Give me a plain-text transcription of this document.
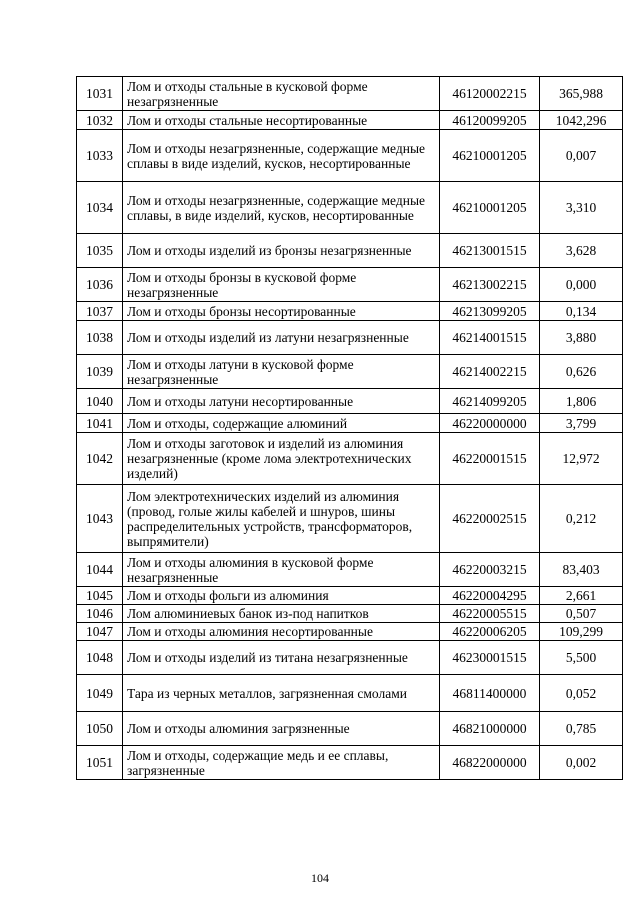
1031	Лом и отходы стальные в кусковой форме незагрязненные	46120002215	365,988
1032	Лом и отходы стальные несортированные	46120099205	1042,296
1033	Лом и отходы незагрязненные, содержащие медные сплавы в виде изделий, кусков, несортированные	46210001205	0,007
1034	Лом и отходы незагрязненные, содержащие медные сплавы, в виде изделий, кусков, несортированные	46210001205	3,310
1035	Лом и отходы изделий из бронзы незагрязненные	46213001515	3,628
1036	Лом и отходы бронзы в кусковой форме незагрязненные	46213002215	0,000
1037	Лом и отходы бронзы несортированные	46213099205	0,134
1038	Лом и отходы изделий из латуни незагрязненные	46214001515	3,880
1039	Лом и отходы латуни в кусковой форме незагрязненные	46214002215	0,626
1040	Лом и отходы латуни несортированные	46214099205	1,806
1041	Лом и отходы, содержащие алюминий	46220000000	3,799
1042	Лом и отходы заготовок и изделий из алюминия незагрязненные (кроме лома электротехнических изделий)	46220001515	12,972
1043	Лом электротехнических изделий из алюминия (провод, голые жилы кабелей и шнуров, шины распределительных устройств, трансформаторов, выпрямители)	46220002515	0,212
1044	Лом и отходы алюминия в кусковой форме незагрязненные	46220003215	83,403
1045	Лом и отходы фольги из алюминия	46220004295	2,661
1046	Лом алюминиевых банок из-под напитков	46220005515	0,507
1047	Лом и отходы алюминия несортированные	46220006205	109,299
1048	Лом и отходы изделий из титана незагрязненные	46230001515	5,500
1049	Тара из черных металлов, загрязненная смолами	46811400000	0,052
1050	Лом и отходы алюминия загрязненные	46821000000	0,785
1051	Лом и отходы, содержащие медь и ее сплавы, загрязненные	46822000000	0,002
104
